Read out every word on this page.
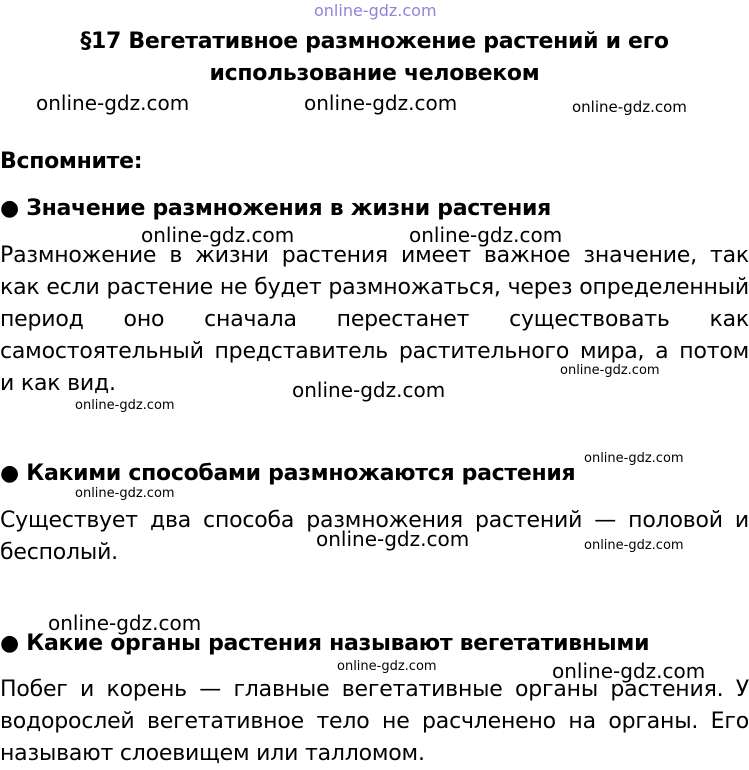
online-gdz.com
§17 Вегетативное размножение растений и его использование человеком
online-gdz.com	online-gdz.com	online-gdz.com
Вспомните:
● Значение размножения в жизни растения
online-gdz.com	online-gdz.com
Размножение в жизни растения имеет важное значение, так как если растение не будет размножаться, через определенный период оно сначала перестанет существовать как самостоятельный представитель растительного мира, а потом и как вид.
online-gdz.com
online-gdz.com
online-gdz.com
online-gdz.com
● Какими способами размножаются растения
online-gdz.com
Существует два способа размножения растений — половой и бесполый.
online-gdz.com	online-gdz.com
online-gdz.com
● Какие органы растения называют вегетативными
online-gdz.com	online-gdz.com
Побег и корень — главные вегетативные органы растения. У водорослей вегетативное тело не расчленено на органы. Его называют слоевищем или талломом.
